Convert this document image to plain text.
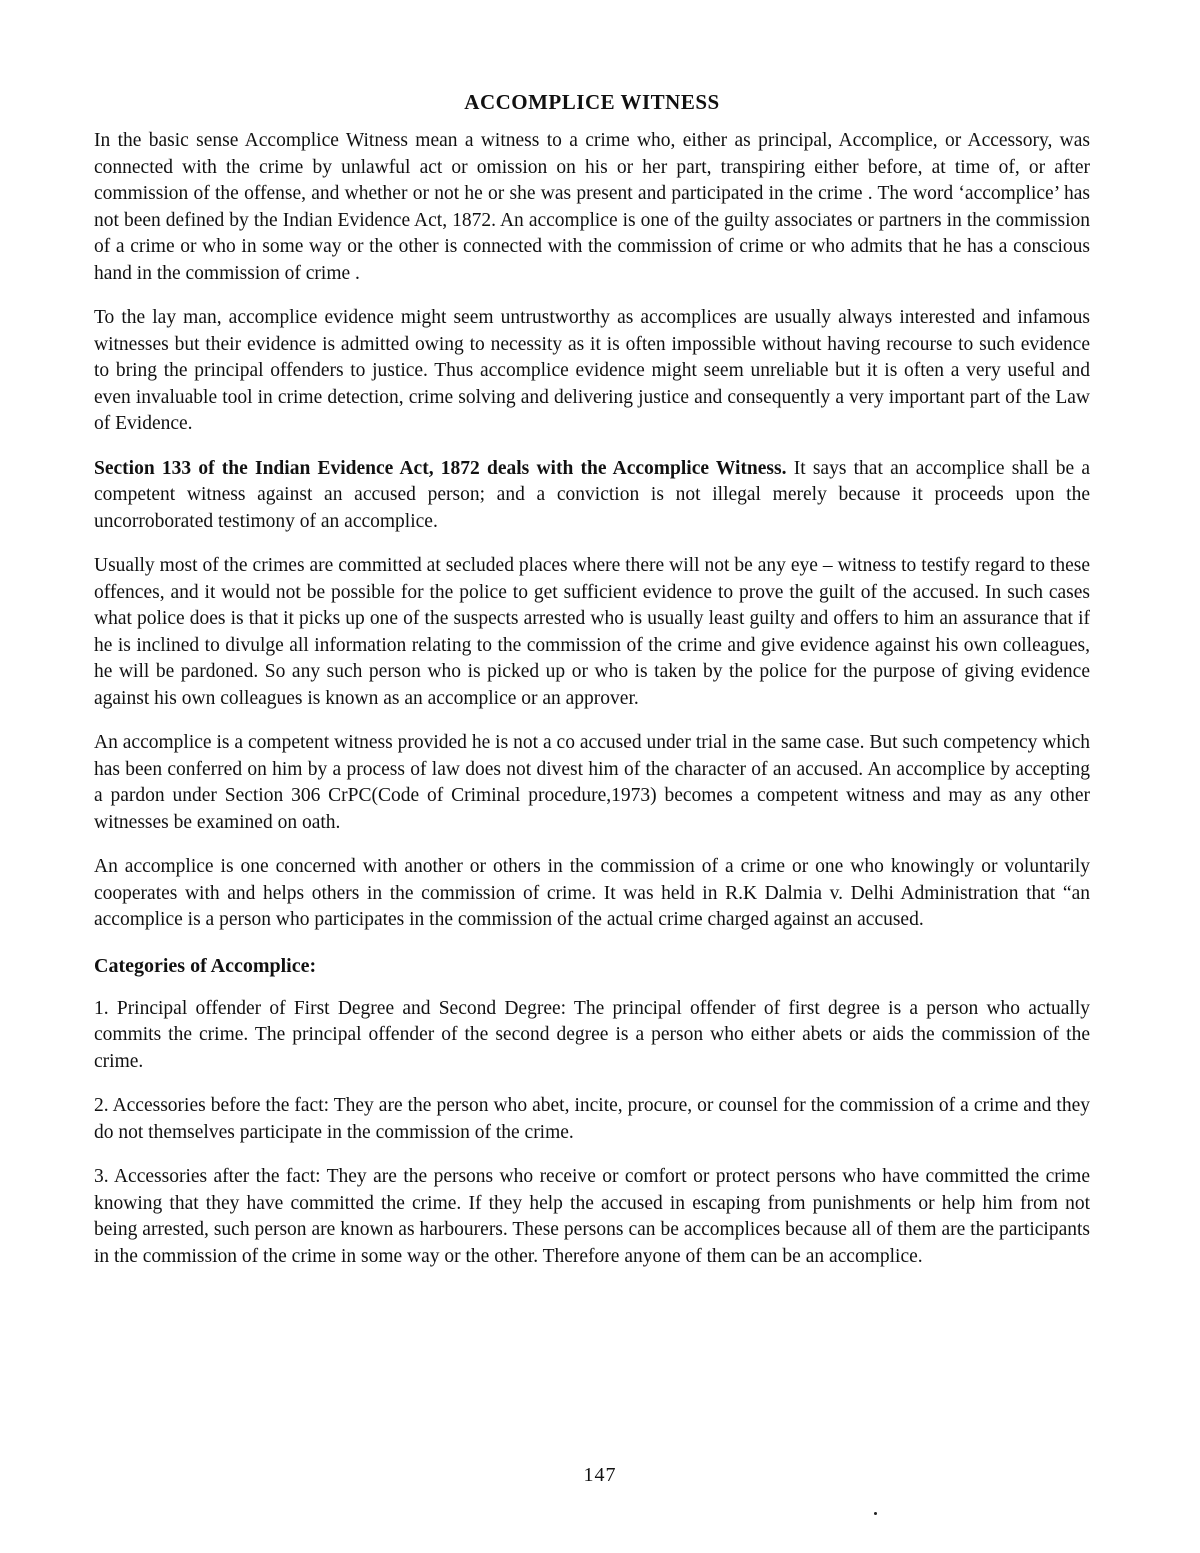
ACCOMPLICE WITNESS

In the basic sense Accomplice Witness mean a witness to a crime who, either as principal, Accomplice, or Accessory, was connected with the crime by unlawful act or omission on his or her part, transpiring either before, at time of, or after commission of the offense, and whether or not he or she was present and participated in the crime . The word ‘accomplice’ has not been defined by the Indian Evidence Act, 1872. An accomplice is one of the guilty associates or partners in the commission of a crime or who in some way or the other is connected with the commission of crime or who admits that he has a conscious hand in the commission of crime .

To the lay man, accomplice evidence might seem untrustworthy as accomplices are usually always interested and infamous witnesses but their evidence is admitted owing to necessity as it is often impossible without having recourse to such evidence to bring the principal offenders to justice. Thus accomplice evidence might seem unreliable but it is often a very useful and even invaluable tool in crime detection, crime solving and delivering justice and consequently a very important part of the Law of Evidence.

Section 133 of the Indian Evidence Act, 1872 deals with the Accomplice Witness. It says that an accomplice shall be a competent witness against an accused person; and a conviction is not illegal merely because it proceeds upon the uncorroborated testimony of an accomplice.

Usually most of the crimes are committed at secluded places where there will not be any eye – witness to testify regard to these offences, and it would not be possible for the police to get sufficient evidence to prove the guilt of the accused. In such cases what police does is that it picks up one of the suspects arrested who is usually least guilty and offers to him an assurance that if he is inclined to divulge all information relating to the commission of the crime and give evidence against his own colleagues, he will be pardoned. So any such person who is picked up or who is taken by the police for the purpose of giving evidence against his own colleagues is known as an accomplice or an approver.

An accomplice is a competent witness provided he is not a co accused under trial in the same case. But such competency which has been conferred on him by a process of law does not divest him of the character of an accused. An accomplice by accepting a pardon under Section 306 CrPC(Code of Criminal procedure,1973) becomes a competent witness and may as any other witnesses be examined on oath.

An accomplice is one concerned with another or others in the commission of a crime or one who knowingly or voluntarily cooperates with and helps others in the commission of crime. It was held in R.K Dalmia v. Delhi Administration that “an accomplice is a person who participates in the commission of the actual crime charged against an accused.

Categories of Accomplice:

1. Principal offender of First Degree and Second Degree: The principal offender of first degree is a person who actually commits the crime. The principal offender of the second degree is a person who either abets or aids the commission of the crime.

2. Accessories before the fact: They are the person who abet, incite, procure, or counsel for the commission of a crime and they do not themselves participate in the commission of the crime.

3. Accessories after the fact: They are the persons who receive or comfort or protect persons who have committed the crime knowing that they have committed the crime. If they help the accused in escaping from punishments or help him from not being arrested, such person are known as harbourers. These persons can be accomplices because all of them are the participants in the commission of the crime in some way or the other. Therefore anyone of them can be an accomplice.

147
